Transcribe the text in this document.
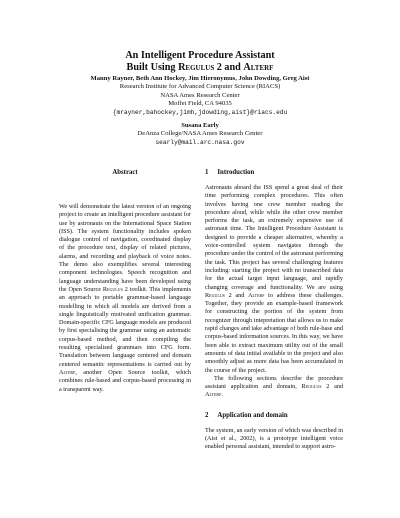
An Intelligent Procedure Assistant
Built Using Regulus 2 and Alterf
Manny Rayner, Beth Ann Hockey, Jim Hieronymus, John Dowding, Greg Aist
Research Institute for Advanced Computer Science (RIACS)
NASA Ames Research Center
Moffet Field, CA 94035
{mrayner,bahockey,jimh,jdowding,aist}@riacs.edu
Susana Early
DeAnza College/NASA Ames Research Center
searly@mail.arc.nasa.gov
Abstract

We will demonstrate the latest version of an ongoing project to create an intelligent procedure assistant for use by astronauts on the International Space Station (ISS). The system functionality includes spoken dialogue control of navigation, coordinated display of the procedure text, display of related pictures, alarms, and recording and playback of voice notes. The demo also exemplifies several interesting component technologies. Speech recognition and language understanding have been developed using the Open Source Regulus 2 toolkit. This implements an approach to portable grammar-based language modelling in which all models are derived from a single linguistically motivated unification grammar. Domain-specific CFG language models are produced by first specialising the grammar using an automatic corpus-based method, and then compiling the resulting specialised grammars into CFG form. Translation between language centered and domain centered semantic representations is carried out by Alterf, another Open Source toolkit, which combines rule-based and corpus-based processing in a transparent way.

1 Introduction

Astronauts aboard the ISS spend a great deal of their time performing complex procedures. This often involves having one crew member reading the procedure aloud, while while the other crew member performs the task, an extremely expensive use of astronaut time. The Intelligent Procedure Assistant is designed to provide a cheaper alternative, whereby a voice-controlled system navigates through the procedure under the control of the astronaut performing the task. This project has several challenging features including: starting the project with no transcribed data for the actual target input language, and rapidly changing coverage and functionality. We are using Regulus 2 and Alterf to address these challenges. Together, they provide an example-based framework for constructing the portion of the system from recognizer through intepretation that allows us to make rapid changes and take advantage of both rule-base and corpus-based information sources. In this way, we have been able to extract maximum utility out of the small amounts of data initial available to the project and also smoothly adjust as more data has been accumulated in the course of the project.

The following sections describe the procedure assistant application and domain, Regulus 2 and Alterf.

2 Application and domain

The system, an early version of which was described in (Aist et al., 2002), is a prototype intelligent voice enabled personal assistant, intended to support astro-
